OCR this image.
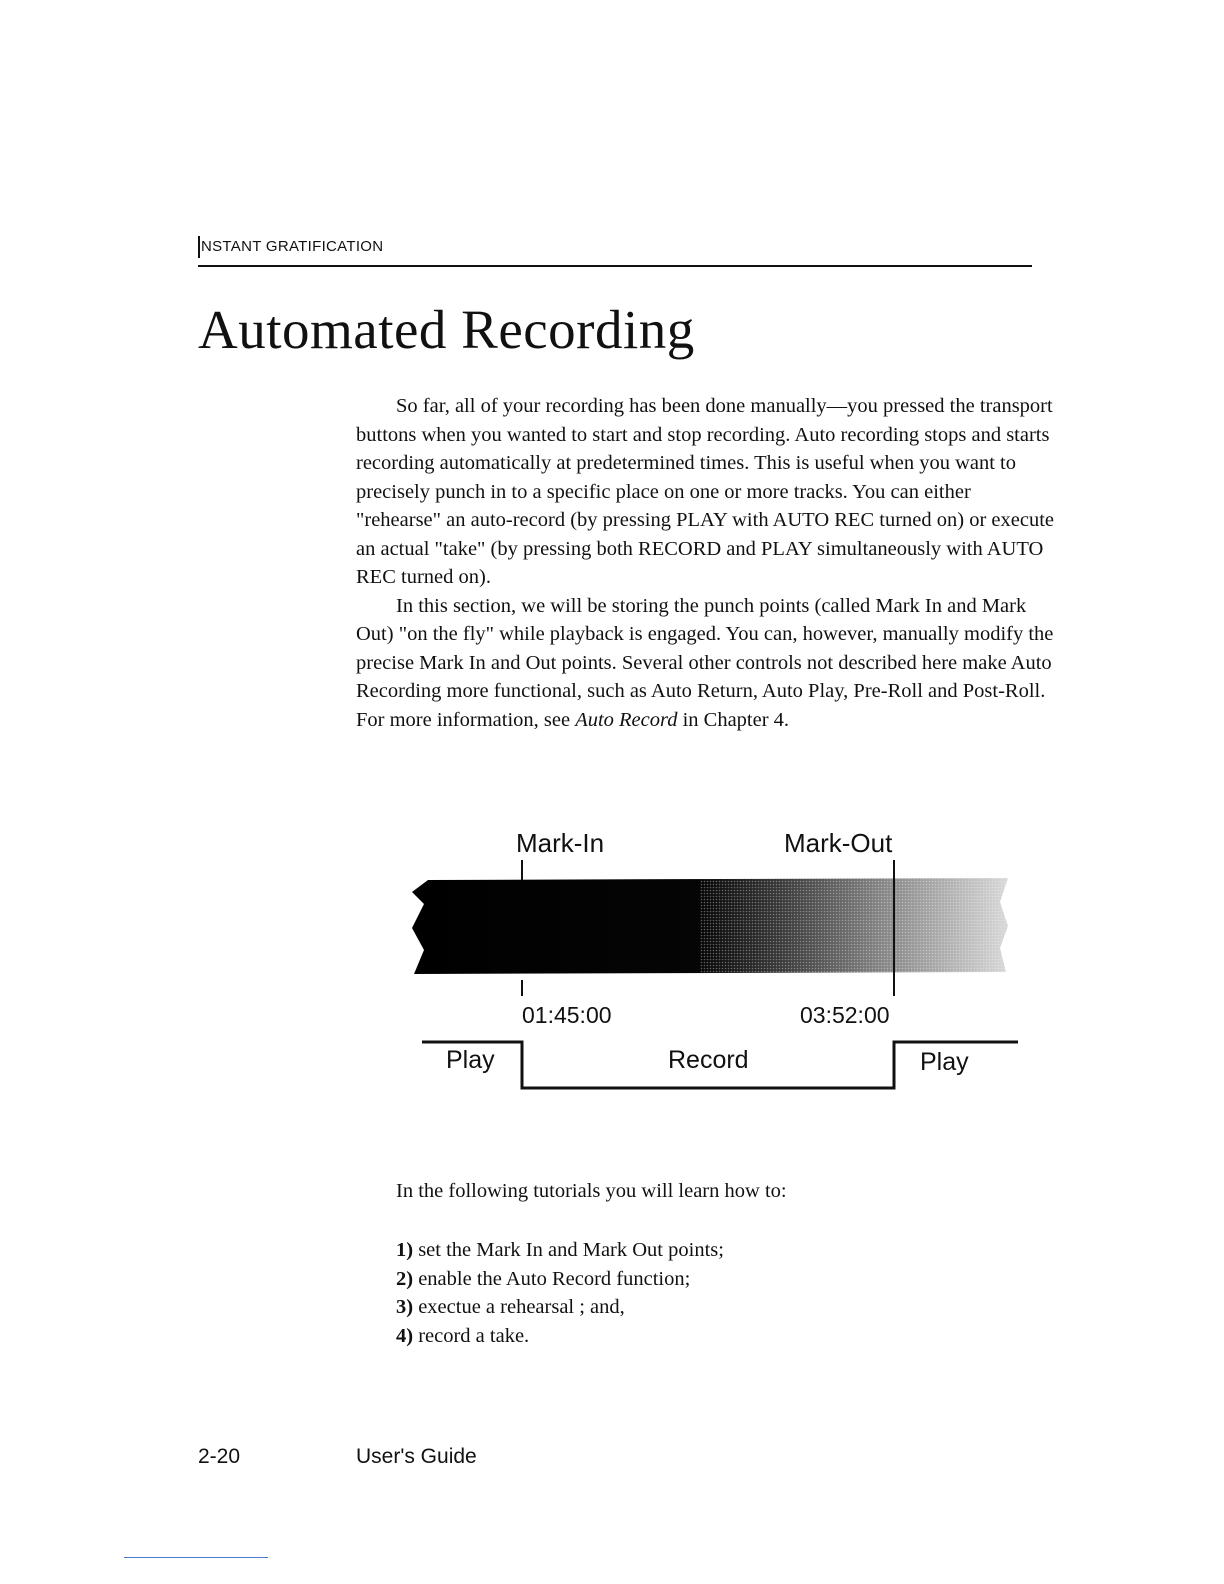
NSTANT GRATIFICATION
Automated Recording

So far, all of your recording has been done manually—you pressed the transport buttons when you wanted to start and stop recording. Auto recording stops and starts recording automatically at predetermined times. This is useful when you want to precisely punch in to a specific place on one or more tracks. You can either "rehearse" an auto-record (by pressing PLAY with AUTO REC turned on) or execute an actual "take" (by pressing both RECORD and PLAY simultaneously with AUTO REC turned on).

In this section, we will be storing the punch points (called Mark In and Mark Out) "on the fly" while playback is engaged. You can, however, manually modify the precise Mark In and Out points. Several other controls not described here make Auto Recording more functional, such as Auto Return, Auto Play, Pre-Roll and Post-Roll. For more information, see Auto Record in Chapter 4.

Mark-In	Mark-Out
01:45:00	03:52:00
Play	Record	Play

In the following tutorials you will learn how to:

1) set the Mark In and Mark Out points;
2) enable the Auto Record function;
3) exectue a rehearsal ; and,
4) record a take.
2-20	User's Guide
